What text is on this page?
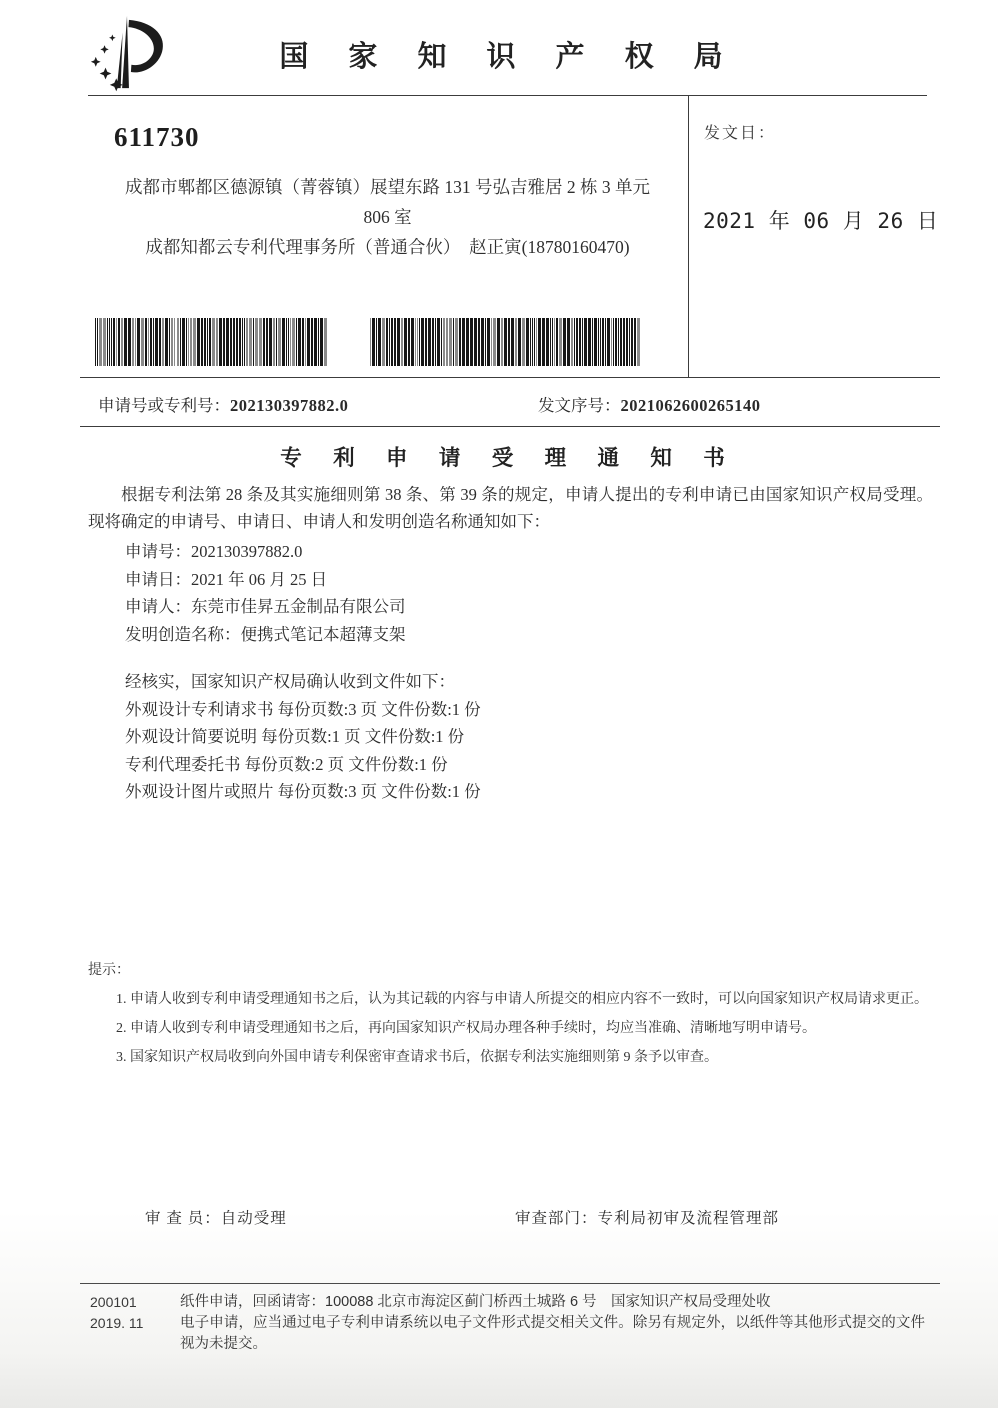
国 家 知 识 产 权 局
611730
成都市郫都区德源镇（菁蓉镇）展望东路 131 号弘吉雅居 2 栋 3 单元
806 室
成都知都云专利代理事务所（普通合伙）　赵正寅(18780160470)
发文日：
2021 年 06 月 26 日
申请号或专利号：202130397882.0	发文序号：2021062600265140
专 利 申 请 受 理 通 知 书

根据专利法第 28 条及其实施细则第 38 条、第 39 条的规定，申请人提出的专利申请已由国家知识产权局受理。现将确定的申请号、申请日、申请人和发明创造名称通知如下：

申请号：202130397882.0
申请日：2021 年 06 月 25 日
申请人：东莞市佳昇五金制品有限公司
发明创造名称：便携式笔记本超薄支架
经核实，国家知识产权局确认收到文件如下：
外观设计专利请求书 每份页数:3 页 文件份数:1 份
外观设计简要说明 每份页数:1 页 文件份数:1 份
专利代理委托书 每份页数:2 页 文件份数:1 份
外观设计图片或照片 每份页数:3 页 文件份数:1 份

提示：

1. 申请人收到专利申请受理通知书之后，认为其记载的内容与申请人所提交的相应内容不一致时，可以向国家知识产权局请求更正。

2. 申请人收到专利申请受理通知书之后，再向国家知识产权局办理各种手续时，均应当准确、清晰地写明申请号。

3. 国家知识产权局收到向外国申请专利保密审查请求书后，依据专利法实施细则第 9 条予以审查。

审 查 员：自动受理	审查部门：专利局初审及流程管理部
200101
2019. 11

纸件申请，回函请寄：100088 北京市海淀区蓟门桥西土城路 6 号　国家知识产权局受理处收

电子申请，应当通过电子专利申请系统以电子文件形式提交相关文件。除另有规定外，以纸件等其他形式提交的文件视为未提交。
